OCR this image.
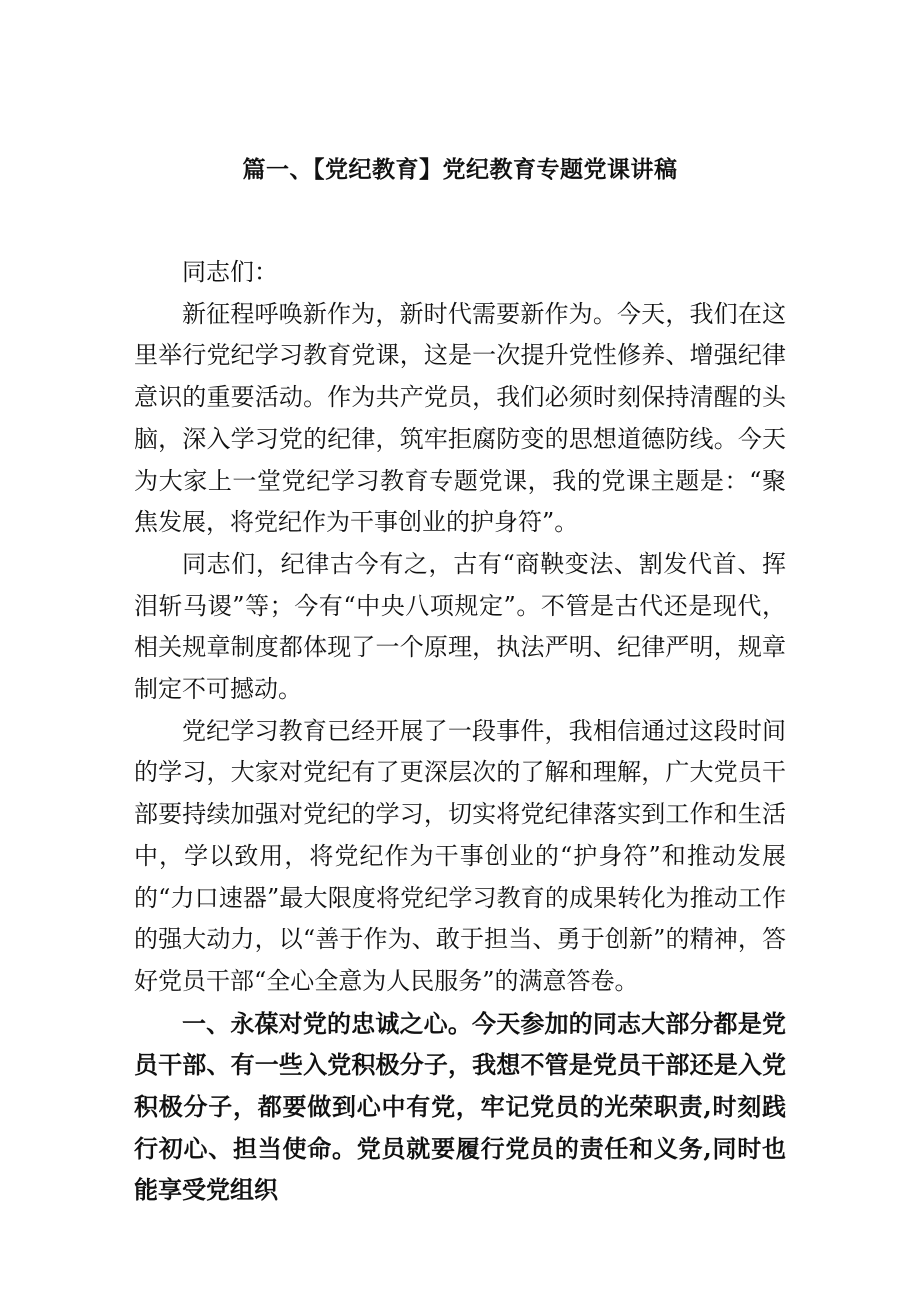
篇一、【党纪教育】党纪教育专题党课讲稿

同志们：

新征程呼唤新作为，新时代需要新作为。今天，我们在这里举行党纪学习教育党课，这是一次提升党性修养、增强纪律意识的重要活动。作为共产党员，我们必须时刻保持清醒的头脑，深入学习党的纪律，筑牢拒腐防变的思想道德防线。今天为大家上一堂党纪学习教育专题党课，我的党课主题是：“聚焦发展，将党纪作为干事创业的护身符”。

同志们，纪律古今有之，古有“商鞅变法、割发代首、挥泪斩马谡”等；今有“中央八项规定”。不管是古代还是现代，相关规章制度都体现了一个原理，执法严明、纪律严明，规章制定不可撼动。

党纪学习教育已经开展了一段事件，我相信通过这段时间的学习，大家对党纪有了更深层次的了解和理解，广大党员干部要持续加强对党纪的学习，切实将党纪律落实到工作和生活中，学以致用，将党纪作为干事创业的“护身符”和推动发展的“力口速器”最大限度将党纪学习教育的成果转化为推动工作的强大动力，以“善于作为、敢于担当、勇于创新”的精神，答好党员干部“全心全意为人民服务”的满意答卷。

一、永葆对党的忠诚之心。今天参加的同志大部分都是党员干部、有一些入党积极分子，我想不管是党员干部还是入党积极分子，都要做到心中有党，牢记党员的光荣职责,时刻践行初心、担当使命。党员就要履行党员的责任和义务,同时也能享受党组织
